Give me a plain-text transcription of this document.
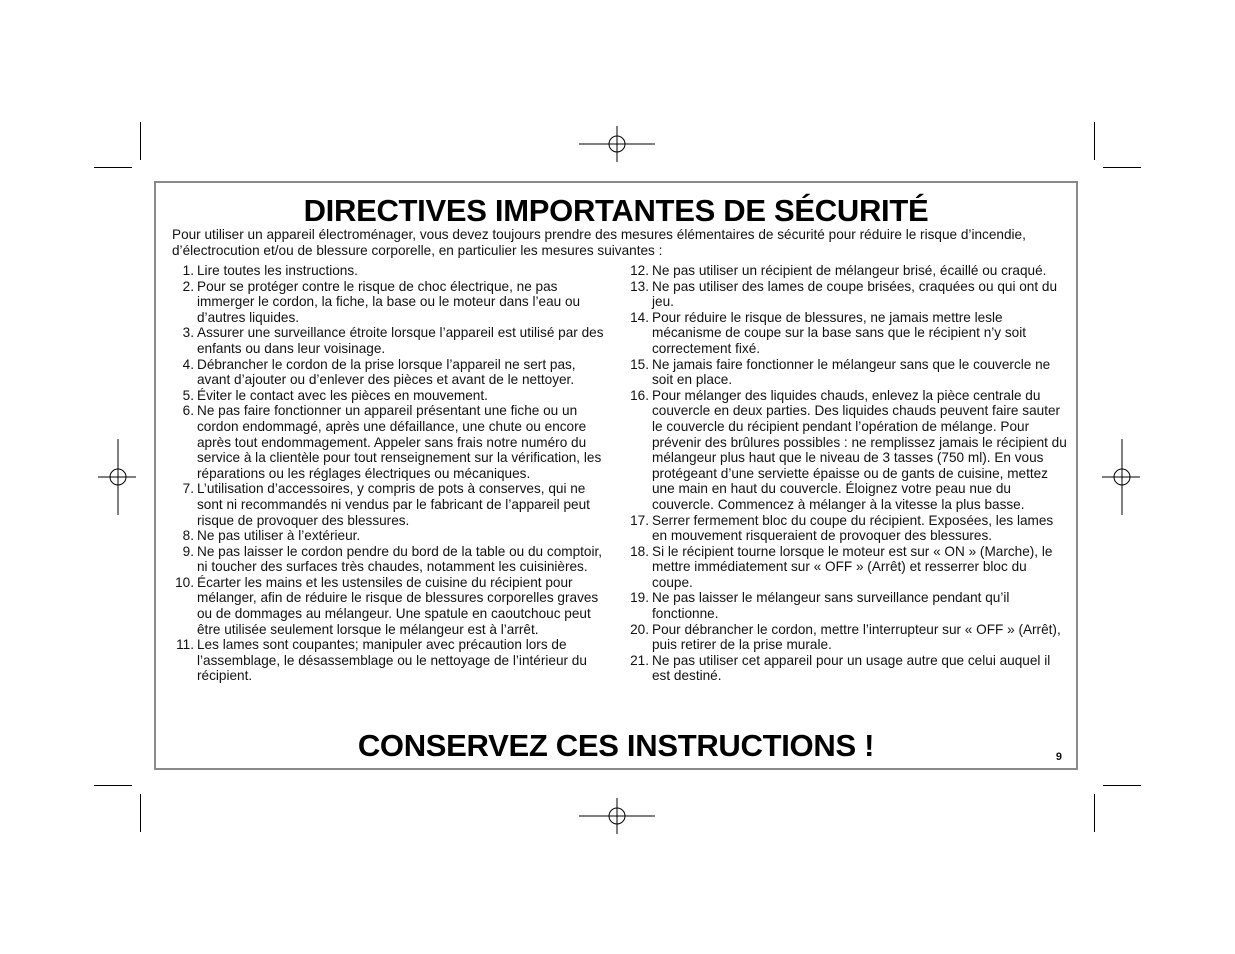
DIRECTIVES IMPORTANTES DE SÉCURITÉ

Pour utiliser un appareil électroménager, vous devez toujours prendre des mesures élémentaires de sécurité pour réduire le risque d’incendie, d’électrocution et/ou de blessure corporelle, en particulier les mesures suivantes :

1. Lire toutes les instructions.
2. Pour se protéger contre le risque de choc électrique, ne pas immerger le cordon, la fiche, la base ou le moteur dans l’eau ou d’autres liquides.
3. Assurer une surveillance étroite lorsque l’appareil est utilisé par des enfants ou dans leur voisinage.
4. Débrancher le cordon de la prise lorsque l’appareil ne sert pas, avant d’ajouter ou d’enlever des pièces et avant de le nettoyer.
5. Éviter le contact avec les pièces en mouvement.
6. Ne pas faire fonctionner un appareil présentant une fiche ou un cordon endommagé, après une défaillance, une chute ou encore après tout endommagement. Appeler sans frais notre numéro du service à la clientèle pour tout renseignement sur la vérification, les réparations ou les réglages électriques ou mécaniques.
7. L’utilisation d’accessoires, y compris de pots à conserves, qui ne sont ni recommandés ni vendus par le fabricant de l’appareil peut risque de provoquer des blessures.
8. Ne pas utiliser à l’extérieur.
9. Ne pas laisser le cordon pendre du bord de la table ou du comptoir, ni toucher des surfaces très chaudes, notamment les cuisinières.
10. Écarter les mains et les ustensiles de cuisine du récipient pour mélanger, afin de réduire le risque de blessures corporelles graves ou de dommages au mélangeur. Une spatule en caoutchouc peut être utilisée seulement lorsque le mélangeur est à l’arrêt.
11. Les lames sont coupantes; manipuler avec précaution lors de l’assemblage, le désassemblage ou le nettoyage de l’intérieur du récipient.
12. Ne pas utiliser un récipient de mélangeur brisé, écaillé ou craqué.
13. Ne pas utiliser des lames de coupe brisées, craquées ou qui ont du jeu.
14. Pour réduire le risque de blessures, ne jamais mettre lesle mécanisme de coupe sur la base sans que le récipient n’y soit correctement fixé.
15. Ne jamais faire fonctionner le mélangeur sans que le couvercle ne soit en place.
16. Pour mélanger des liquides chauds, enlevez la pièce centrale du couvercle en deux parties. Des liquides chauds peuvent faire sauter le couvercle du récipient pendant l’opération de mélange. Pour prévenir des brûlures possibles : ne remplissez jamais le récipient du mélangeur plus haut que le niveau de 3 tasses (750 ml). En vous protégeant d’une serviette épaisse ou de gants de cuisine, mettez une main en haut du couvercle. Éloignez votre peau nue du couvercle. Commencez à mélanger à la vitesse la plus basse.
17. Serrer fermement bloc du coupe du récipient. Exposées, les lames en mouvement risqueraient de provoquer des blessures.
18. Si le récipient tourne lorsque le moteur est sur « ON » (Marche), le mettre immédiatement sur « OFF » (Arrêt) et resserrer bloc du coupe.
19. Ne pas laisser le mélangeur sans surveillance pendant qu’il fonctionne.
20. Pour débrancher le cordon, mettre l’interrupteur sur « OFF » (Arrêt), puis retirer de la prise murale.
21. Ne pas utiliser cet appareil pour un usage autre que celui auquel il est destiné.
CONSERVEZ CES INSTRUCTIONS !	9
